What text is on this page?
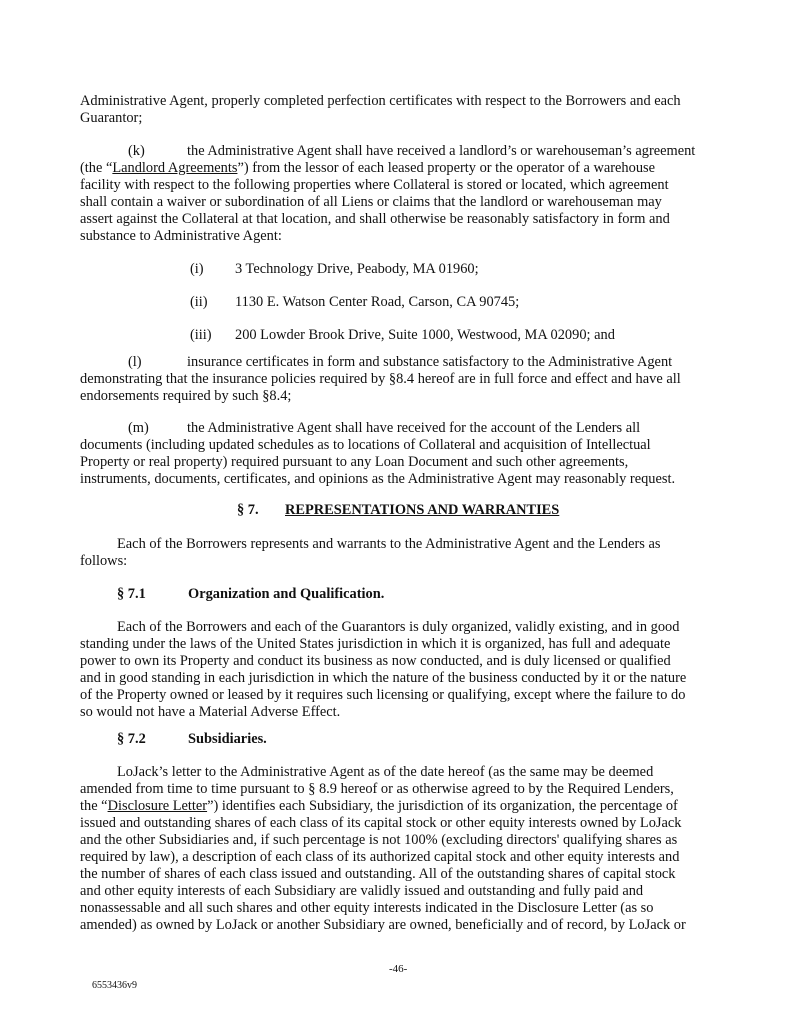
Administrative Agent, properly completed perfection certificates with respect to the Borrowers and each
Guarantor;
(k)	the Administrative Agent shall have received a landlord’s or warehouseman’s agreement
(the “Landlord Agreements”) from the lessor of each leased property or the operator of a warehouse
facility with respect to the following properties where Collateral is stored or located, which agreement
shall contain a waiver or subordination of all Liens or claims that the landlord or warehouseman may
assert against the Collateral at that location, and shall otherwise be reasonably satisfactory in form and
substance to Administrative Agent:
(i) 3 Technology Drive, Peabody, MA 01960;
(ii) 1130 E. Watson Center Road, Carson, CA 90745;
(iii) 200 Lowder Brook Drive, Suite 1000, Westwood, MA 02090; and
(l)	insurance certificates in form and substance satisfactory to the Administrative Agent
demonstrating that the insurance policies required by §8.4 hereof are in full force and effect and have all
endorsements required by such §8.4;
(m)	the Administrative Agent shall have received for the account of the Lenders all
documents (including updated schedules as to locations of Collateral and acquisition of Intellectual
Property or real property) required pursuant to any Loan Document and such other agreements,
instruments, documents, certificates, and opinions as the Administrative Agent may reasonably request.
§ 7. REPRESENTATIONS AND WARRANTIES
Each of the Borrowers represents and warrants to the Administrative Agent and the Lenders as
follows:
§ 7.1	Organization and Qualification.
Each of the Borrowers and each of the Guarantors is duly organized, validly existing, and in good
standing under the laws of the United States jurisdiction in which it is organized, has full and adequate
power to own its Property and conduct its business as now conducted, and is duly licensed or qualified
and in good standing in each jurisdiction in which the nature of the business conducted by it or the nature
of the Property owned or leased by it requires such licensing or qualifying, except where the failure to do
so would not have a Material Adverse Effect.
§ 7.2	Subsidiaries.
LoJack’s letter to the Administrative Agent as of the date hereof (as the same may be deemed
amended from time to time pursuant to § 8.9 hereof or as otherwise agreed to by the Required Lenders,
the “Disclosure Letter”) identifies each Subsidiary, the jurisdiction of its organization, the percentage of
issued and outstanding shares of each class of its capital stock or other equity interests owned by LoJack
and the other Subsidiaries and, if such percentage is not 100% (excluding directors' qualifying shares as
required by law), a description of each class of its authorized capital stock and other equity interests and
the number of shares of each class issued and outstanding. All of the outstanding shares of capital stock
and other equity interests of each Subsidiary are validly issued and outstanding and fully paid and
nonassessable and all such shares and other equity interests indicated in the Disclosure Letter (as so
amended) as owned by LoJack or another Subsidiary are owned, beneficially and of record, by LoJack or
-46-
6553436v9
